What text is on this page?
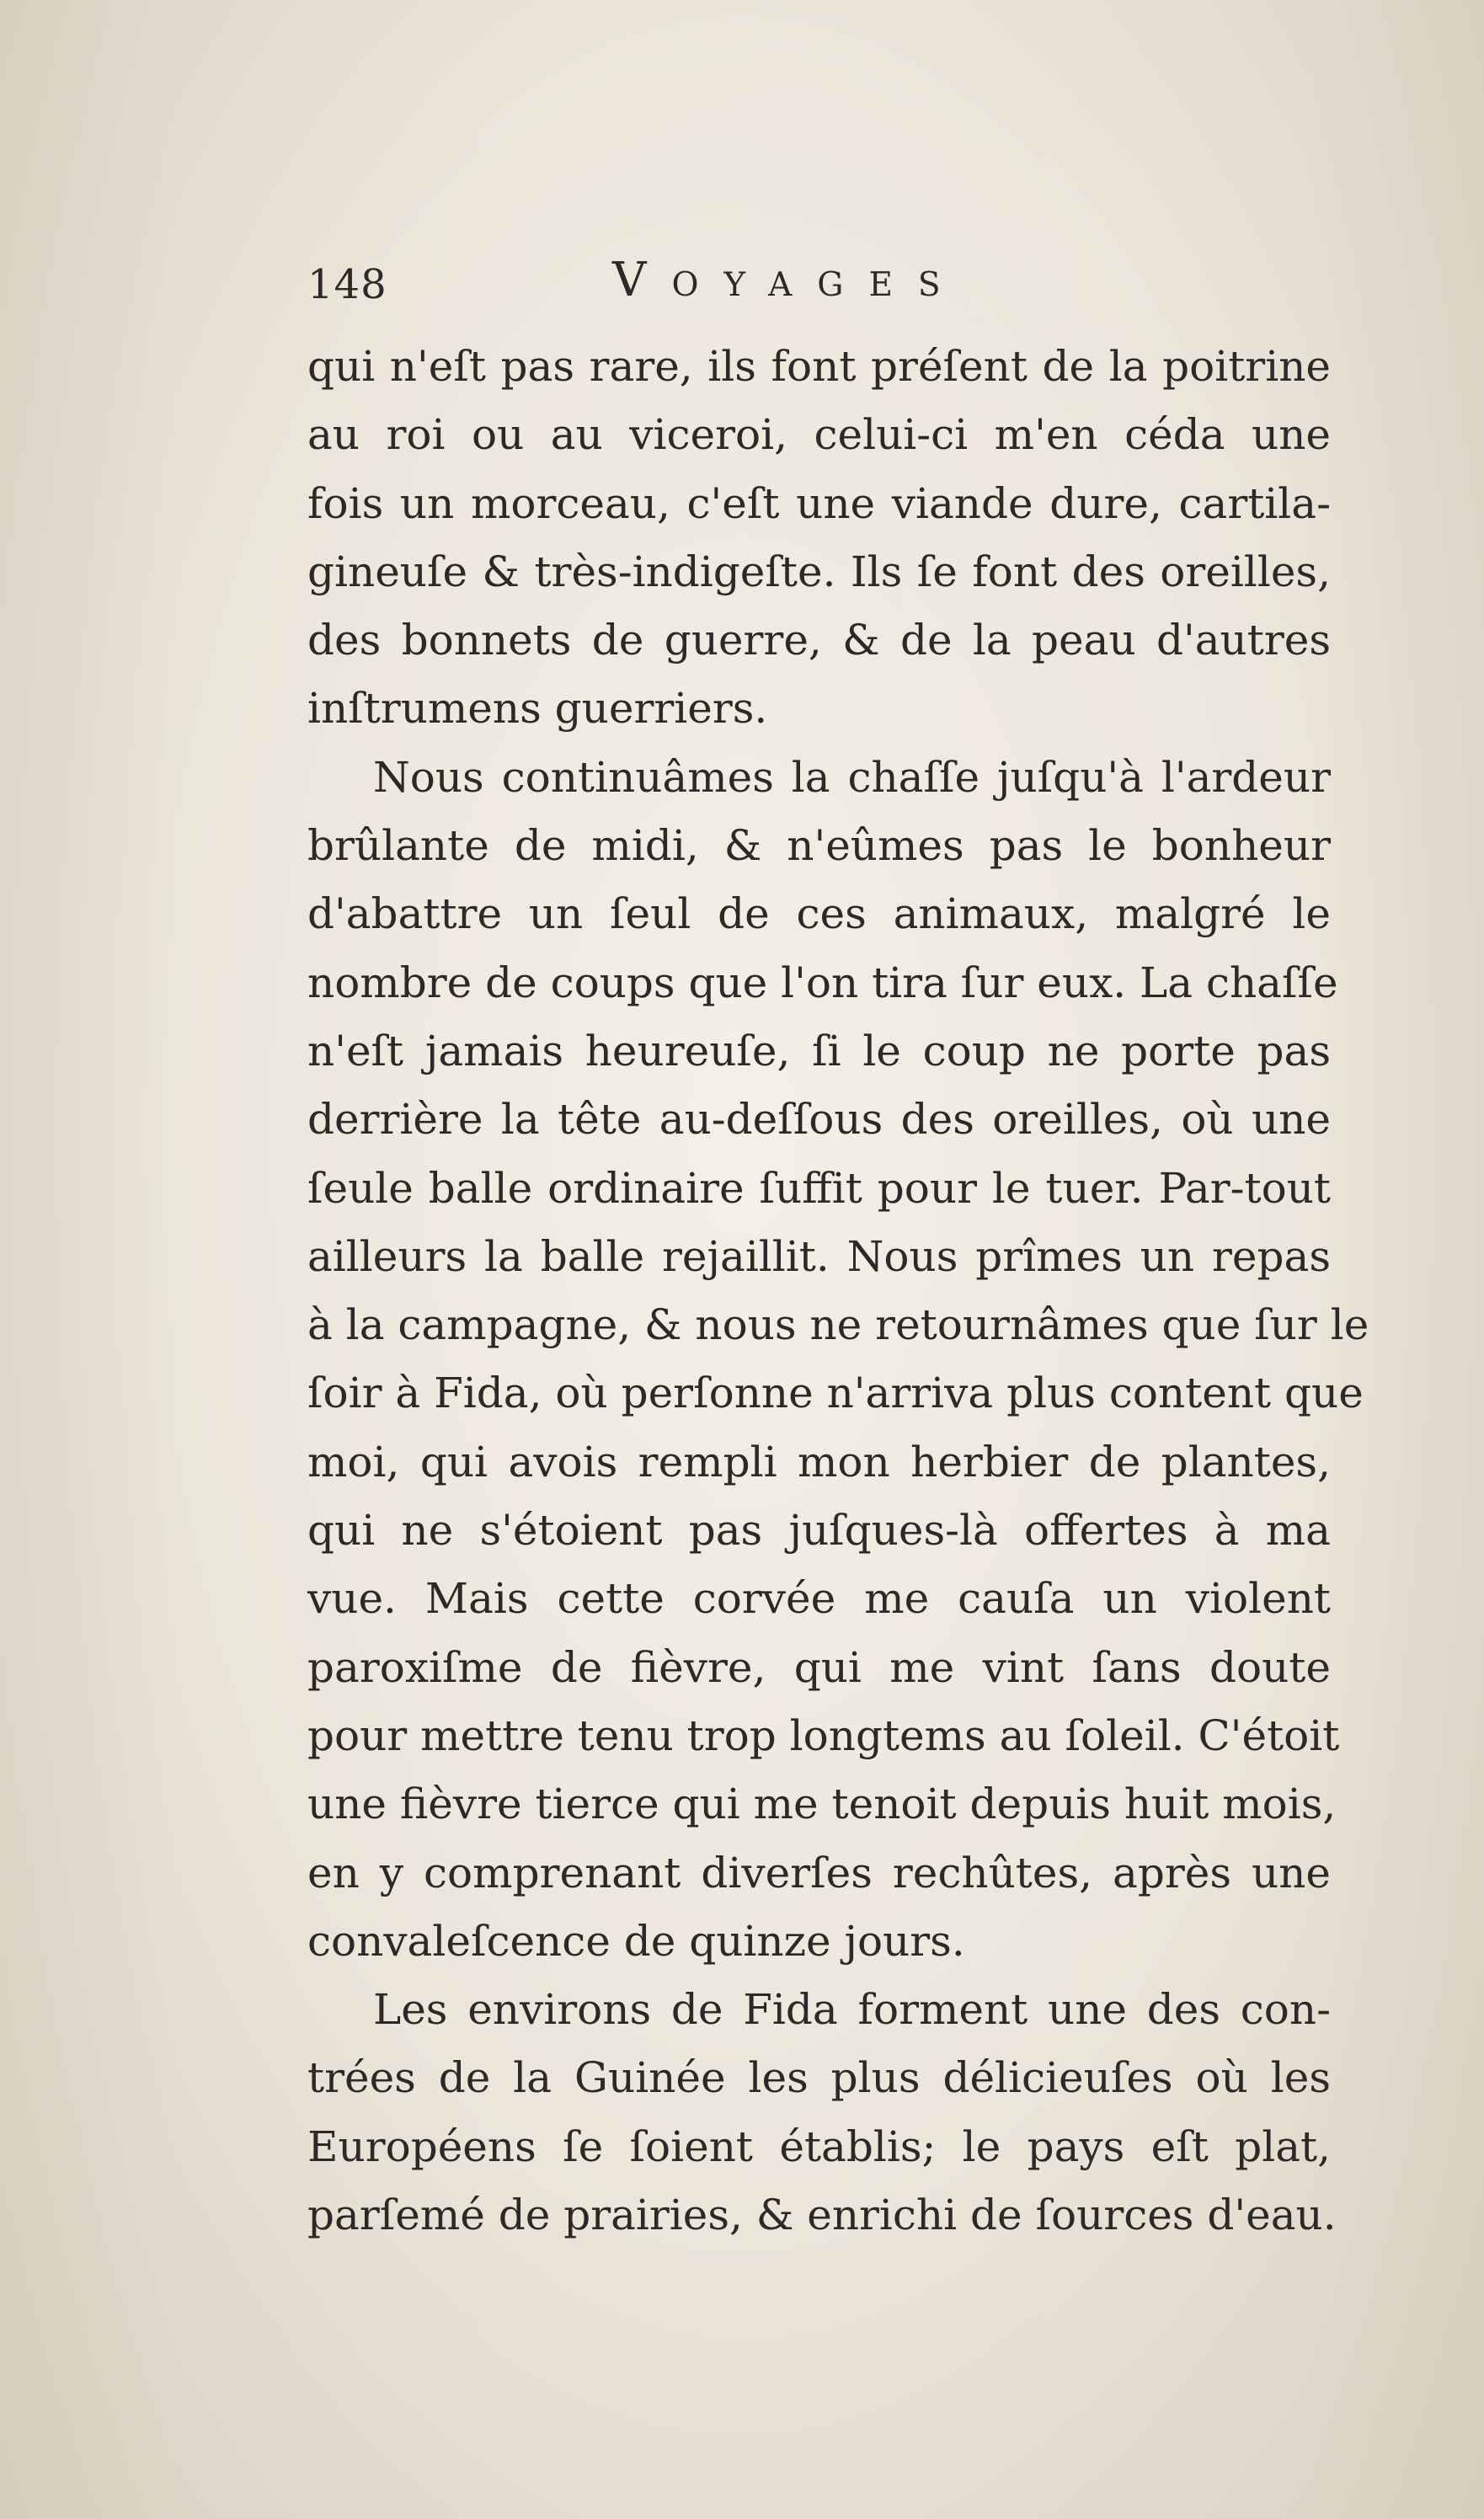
148	Voyages
qui n'eſt pas rare, ils font préſent de la poitrine
au roi ou au viceroi, celui-ci m'en céda une
fois un morceau, c'eſt une viande dure, cartila-
gineuſe & très-indigeſte. Ils ſe font des oreilles,
des bonnets de guerre, & de la peau d'autres
inſtrumens guerriers.
Nous continuâmes la chaſſe juſqu'à l'ardeur
brûlante de midi, & n'eûmes pas le bonheur
d'abattre un ſeul de ces animaux, malgré le
nombre de coups que l'on tira ſur eux. La chaſſe
n'eſt jamais heureuſe, ſi le coup ne porte pas
derrière la tête au-deſſous des oreilles, où une
ſeule balle ordinaire ſuffit pour le tuer. Par-tout
ailleurs la balle rejaillit. Nous prîmes un repas
à la campagne, & nous ne retournâmes que ſur le
ſoir à Fida, où perſonne n'arriva plus content que
moi, qui avois rempli mon herbier de plantes,
qui ne s'étoient pas juſques-là offertes à ma
vue. Mais cette corvée me cauſa un violent
paroxiſme de fièvre, qui me vint ſans doute
pour mettre tenu trop longtems au ſoleil. C'étoit
une fièvre tierce qui me tenoit depuis huit mois,
en y comprenant diverſes rechûtes, après une
convaleſcence de quinze jours.
Les environs de Fida forment une des con-
trées de la Guinée les plus délicieuſes où les
Européens ſe ſoient établis; le pays eſt plat,
parſemé de prairies, & enrichi de ſources d'eau.
